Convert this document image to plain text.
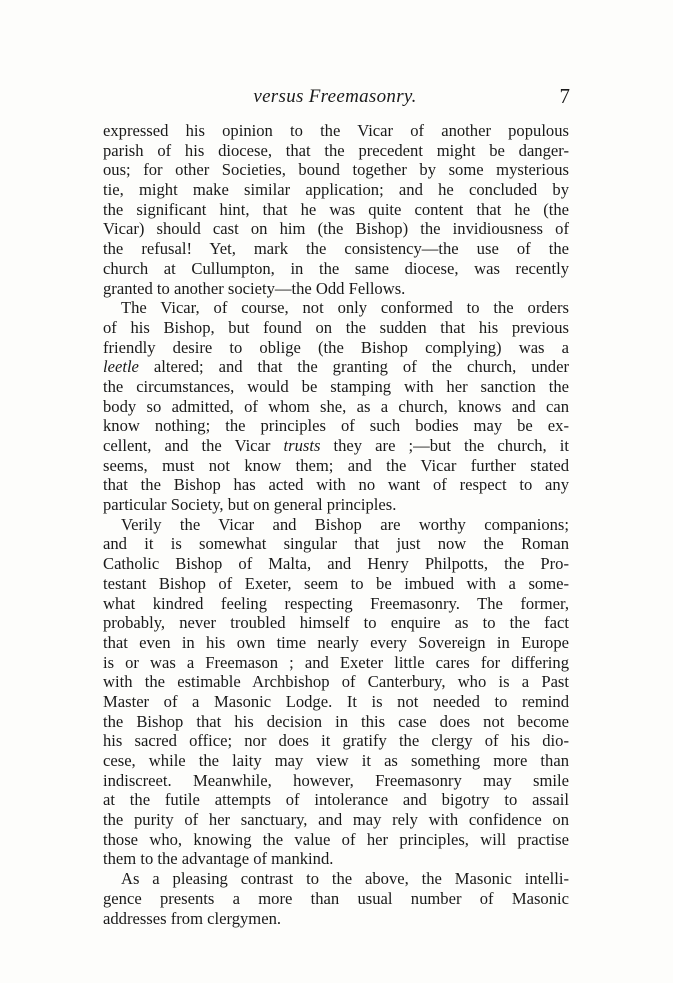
versus Freemasonry.	7
expressed his opinion to the Vicar of another populous
parish of his diocese, that the precedent might be danger-
ous; for other Societies, bound together by some mysterious
tie, might make similar application; and he concluded by
the significant hint, that he was quite content that he (the
Vicar) should cast on him (the Bishop) the invidiousness of
the refusal! Yet, mark the consistency—the use of the
church at Cullumpton, in the same diocese, was recently
granted to another society—the Odd Fellows.
The Vicar, of course, not only conformed to the orders
of his Bishop, but found on the sudden that his previous
friendly desire to oblige (the Bishop complying) was a
leetle altered; and that the granting of the church, under
the circumstances, would be stamping with her sanction the
body so admitted, of whom she, as a church, knows and can
know nothing; the principles of such bodies may be ex-
cellent, and the Vicar trusts they are ;—but the church, it
seems, must not know them; and the Vicar further stated
that the Bishop has acted with no want of respect to any
particular Society, but on general principles.
Verily the Vicar and Bishop are worthy companions;
and it is somewhat singular that just now the Roman
Catholic Bishop of Malta, and Henry Philpotts, the Pro-
testant Bishop of Exeter, seem to be imbued with a some-
what kindred feeling respecting Freemasonry. The former,
probably, never troubled himself to enquire as to the fact
that even in his own time nearly every Sovereign in Europe
is or was a Freemason ; and Exeter little cares for differing
with the estimable Archbishop of Canterbury, who is a Past
Master of a Masonic Lodge. It is not needed to remind
the Bishop that his decision in this case does not become
his sacred office; nor does it gratify the clergy of his dio-
cese, while the laity may view it as something more than
indiscreet. Meanwhile, however, Freemasonry may smile
at the futile attempts of intolerance and bigotry to assail
the purity of her sanctuary, and may rely with confidence on
those who, knowing the value of her principles, will practise
them to the advantage of mankind.
As a pleasing contrast to the above, the Masonic intelli-
gence presents a more than usual number of Masonic
addresses from clergymen.
